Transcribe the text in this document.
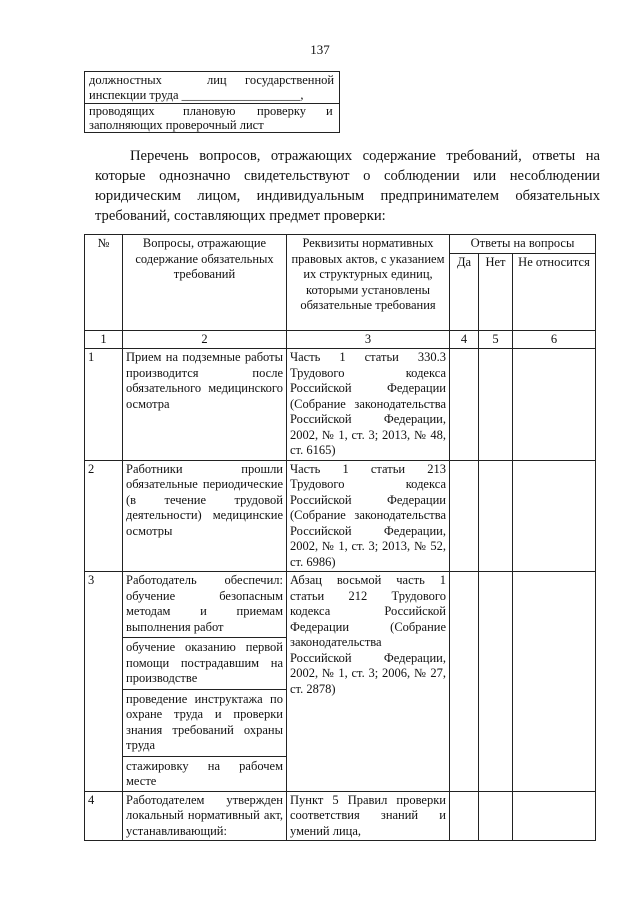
137
должностных	лиц государственной
инспекции труда ___________________,
проводящих плановую проверку и
заполняющих проверочный лист

Перечень вопросов, отражающих содержание требований, ответы на которые однозначно свидетельствуют о соблюдении или несоблюдении юридическим лицом, индивидуальным предпринимателем обязательных требований, составляющих предмет проверки:

№	Вопросы, отражающие содержание обязательных требований	Реквизиты нормативных правовых актов, с указанием их структурных единиц, которыми установлены обязательные требования	Ответы на вопросы		
			Да	Нет	Не относится
1	2	3	4	5	6
1	Прием на подземные работы производится после обязательного медицинского осмотра	Часть 1 статьи 330.3 Трудового кодекса Российской Федерации (Собрание законодательства Российской Федерации, 2002, № 1, ст. 3; 2013, № 48, ст. 6165)			
2	Работники прошли обязательные периодические (в течение трудовой деятельности) медицинские осмотры	Часть 1 статьи 213 Трудового кодекса Российской Федерации (Собрание законодательства Российской Федерации, 2002, № 1, ст. 3; 2013, № 52, ст. 6986)			
3	Работодатель обеспечил: обучение безопасным методам и приемам выполнения работ
обучение оказанию первой помощи пострадавшим на производстве
проведение инструктажа по охране труда и проверки знания требований охраны труда
стажировку на рабочем месте	Абзац восьмой часть 1 статьи 212 Трудового кодекса Российской Федерации (Собрание законодательства Российской Федерации, 2002, № 1, ст. 3; 2006, № 27, ст. 2878)			
4	Работодателем утвержден локальный нормативный акт, устанавливающий:	Пункт 5 Правил проверки соответствия знаний и умений лица,			
